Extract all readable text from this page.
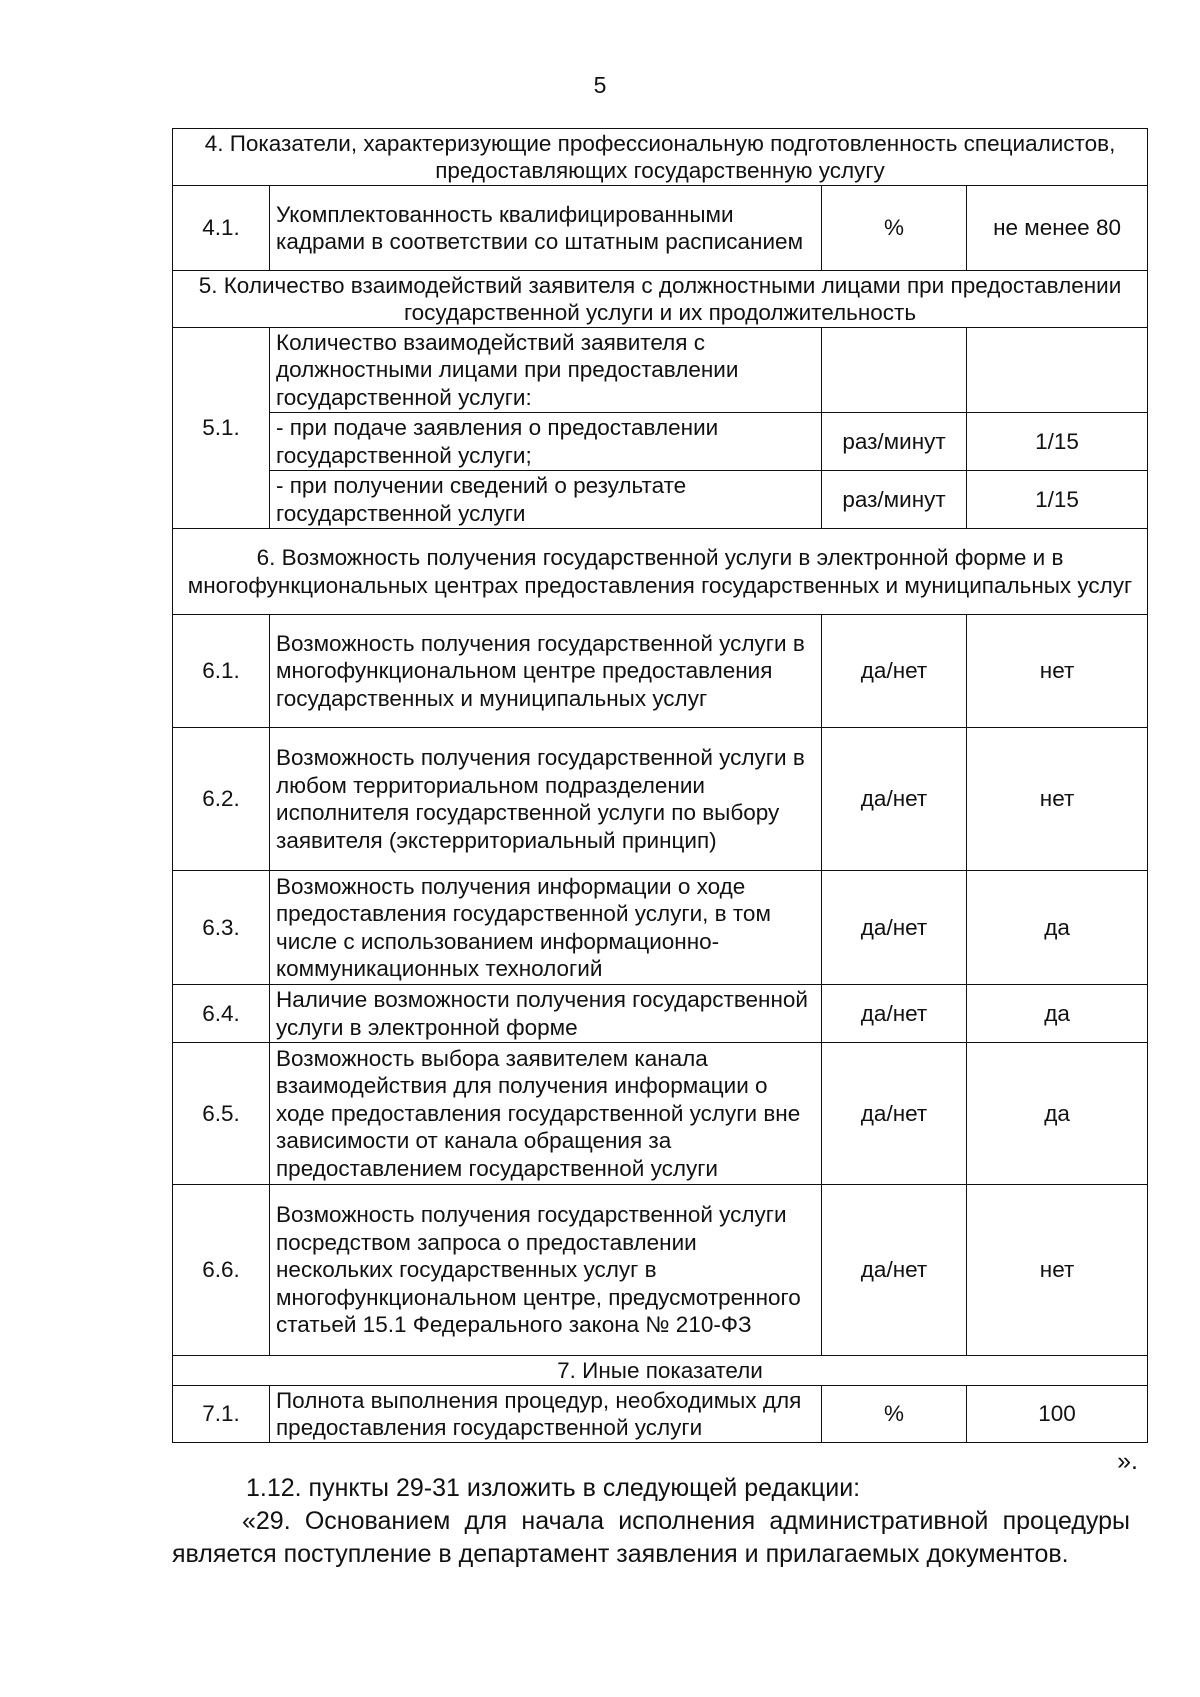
5
4. Показатели, характеризующие профессиональную подготовленность специалистов, предоставляющих государственную услугу			
4.1.	Укомплектованность квалифицированными кадрами в соответствии со штатным расписанием	%	не менее 80
5. Количество взаимодействий заявителя с должностными лицами при предоставлении государственной услуги и их продолжительность			
5.1.	Количество взаимодействий заявителя с должностными лицами при предоставлении государственной услуги:		
	- при подаче заявления о предоставлении государственной услуги;	раз/минут	1/15
	- при получении сведений о результате государственной услуги	раз/минут	1/15
6. Возможность получения государственной услуги в электронной форме и в многофункциональных центрах предоставления государственных и муниципальных услуг			
6.1.	Возможность получения государственной услуги в многофункциональном центре предоставления государственных и муниципальных услуг	да/нет	нет
6.2.	Возможность получения государственной услуги в любом территориальном подразделении исполнителя государственной услуги по выбору заявителя (экстерриториальный принцип)	да/нет	нет
6.3.	Возможность получения информации о ходе предоставления государственной услуги, в том числе с использованием информационно-коммуникационных технологий	да/нет	да
6.4.	Наличие возможности получения государственной услуги в электронной форме	да/нет	да
6.5.	Возможность выбора заявителем канала взаимодействия для получения информации о ходе предоставления государственной услуги вне зависимости от канала обращения за предоставлением государственной услуги	да/нет	да
6.6.	Возможность получения государственной услуги посредством запроса о предоставлении нескольких государственных услуг в многофункциональном центре, предусмотренного статьей 15.1 Федерального закона № 210-ФЗ	да/нет	нет
7. Иные показатели			
7.1.	Полнота выполнения процедур, необходимых для предоставления государственной услуги	%	100
».
1.12. пункты 29-31 изложить в следующей редакции:
«29. Основанием для начала исполнения административной процедуры является поступление в департамент заявления и прилагаемых документов.
